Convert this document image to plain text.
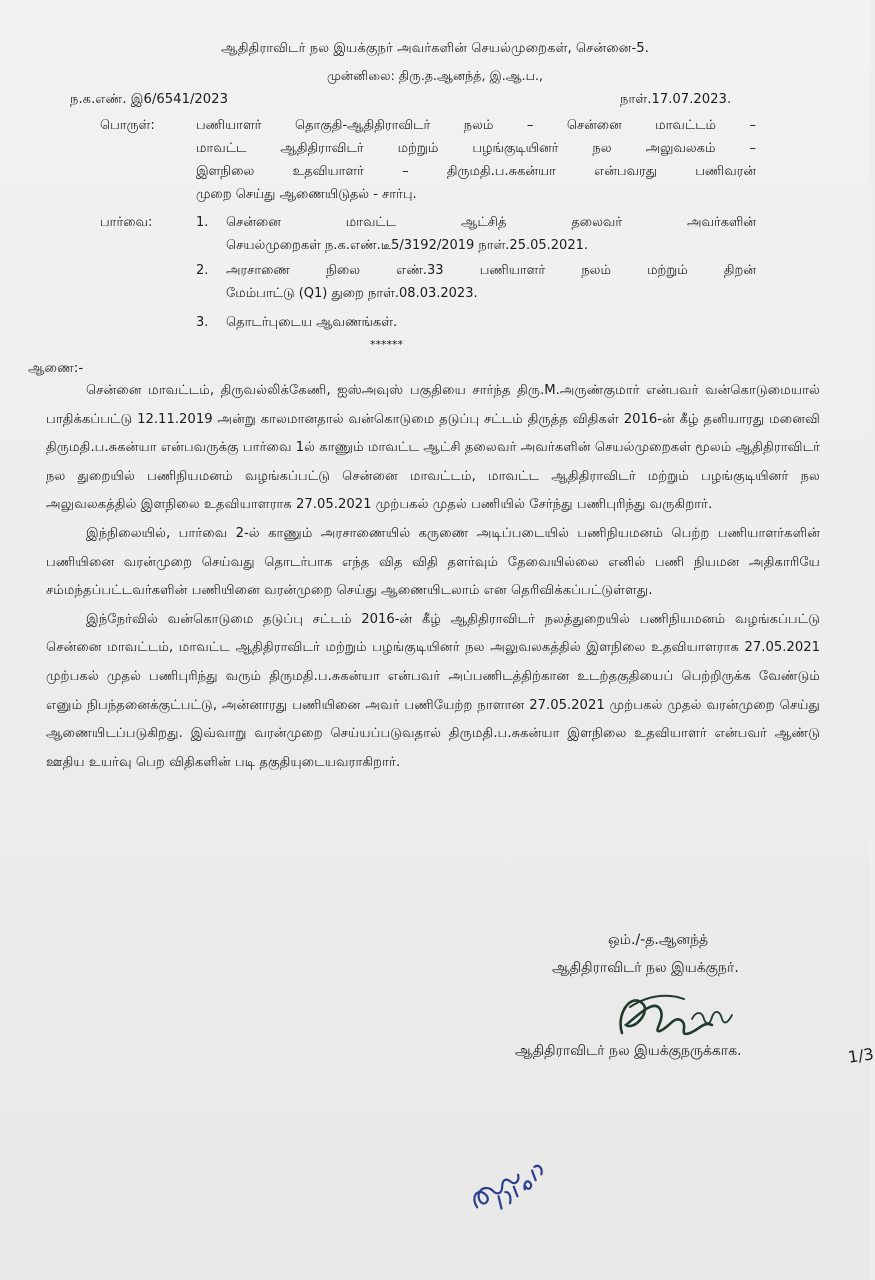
ஆதிதிராவிடர் நல இயக்குநர் அவர்களின் செயல்முறைகள், சென்னை-5.
முன்னிலை: திரு.த.ஆனந்த், இ.ஆ.ப.,
ந.க.எண். இ6/6541/2023	நாள்.17.07.2023.
பொருள்:	பணியாளர் தொகுதி-ஆதிதிராவிடர் நலம் – சென்னை மாவட்டம் –
மாவட்ட ஆதிதிராவிடர் மற்றும் பழங்குடியினர் நல அலுவலகம் –
இளநிலை உதவியாளர் – திருமதி.ப.சுகன்யா என்பவரது பணிவரன்
முறை செய்து ஆணையிடுதல் - சார்பு.
பார்வை:	1. சென்னை மாவட்ட ஆட்சித் தலைவர் அவர்களின்
செயல்முறைகள் ந.க.எண்.டீ5/3192/2019 நாள்.25.05.2021.
2. அரசாணை நிலை எண்.33 பணியாளர் நலம் மற்றும் திறன்
மேம்பாட்டு (Q1) துறை நாள்.08.03.2023.
3. தொடர்புடைய ஆவணங்கள்.
******
ஆணை:-

சென்னை மாவட்டம், திருவல்லிக்கேணி, ஐஸ்அவுஸ் பகுதியை சார்ந்த திரு.M.அருண்குமார் என்பவர் வன்கொடுமையால் பாதிக்கப்பட்டு 12.11.2019 அன்று காலமானதால் வன்கொடுமை தடுப்பு சட்டம் திருத்த விதிகள் 2016-ன் கீழ் தனியாரது மனைவி திருமதி.ப.சுகன்யா என்பவருக்கு பார்வை 1ல் காணும் மாவட்ட ஆட்சி தலைவர் அவர்களின் செயல்முறைகள் மூலம் ஆதிதிராவிடர் நல துறையில் பணிநியமனம் வழங்கப்பட்டு சென்னை மாவட்டம், மாவட்ட ஆதிதிராவிடர் மற்றும் பழங்குடியினர் நல அலுவலகத்தில் இளநிலை உதவியாளராக 27.05.2021 முற்பகல் முதல் பணியில் சேர்ந்து பணிபுரிந்து வருகிறார்.

இந்நிலையில், பார்வை 2-ல் காணும் அரசாணையில் கருணை அடிப்படையில் பணிநியமனம் பெற்ற பணியாளர்களின் பணியினை வரன்முறை செய்வது தொடர்பாக எந்த வித விதி தளர்வும் தேவையில்லை எனில் பணி நியமன அதிகாரியே சம்மந்தப்பட்டவர்களின் பணியினை வரன்முறை செய்து ஆணையிடலாம் என தெரிவிக்கப்பட்டுள்ளது.

இந்நேர்வில் வன்கொடுமை தடுப்பு சட்டம் 2016-ன் கீழ் ஆதிதிராவிடர் நலத்துறையில் பணிநியமனம் வழங்கப்பட்டு சென்னை மாவட்டம், மாவட்ட ஆதிதிராவிடர் மற்றும் பழங்குடியினர் நல அலுவலகத்தில் இளநிலை உதவியாளராக 27.05.2021 முற்பகல் முதல் பணிபுரிந்து வரும் திருமதி.ப.சுகன்யா என்பவர் அப்பணிடத்திற்கான உடற்தகுதியைப் பெற்றிருக்க வேண்டும் எனும் நிபந்தனைக்குட்பட்டு, அன்னாரது பணியினை அவர் பணியேற்ற நாளான 27.05.2021 முற்பகல் முதல் வரன்முறை செய்து ஆணையிடப்படுகிறது. இவ்வாறு வரன்முறை செய்யப்படுவதால் திருமதி.ப.சுகன்யா இளநிலை உதவியாளர் என்பவர் ஆண்டு ஊதிய உயர்வு பெற விதிகளின் படி தகுதியுடையவராகிறார்.

ஒம்./-த.ஆனந்த்
ஆதிதிராவிடர் நல இயக்குநர்.
ஆதிதிராவிடர் நல இயக்குநருக்காக.	1/3
